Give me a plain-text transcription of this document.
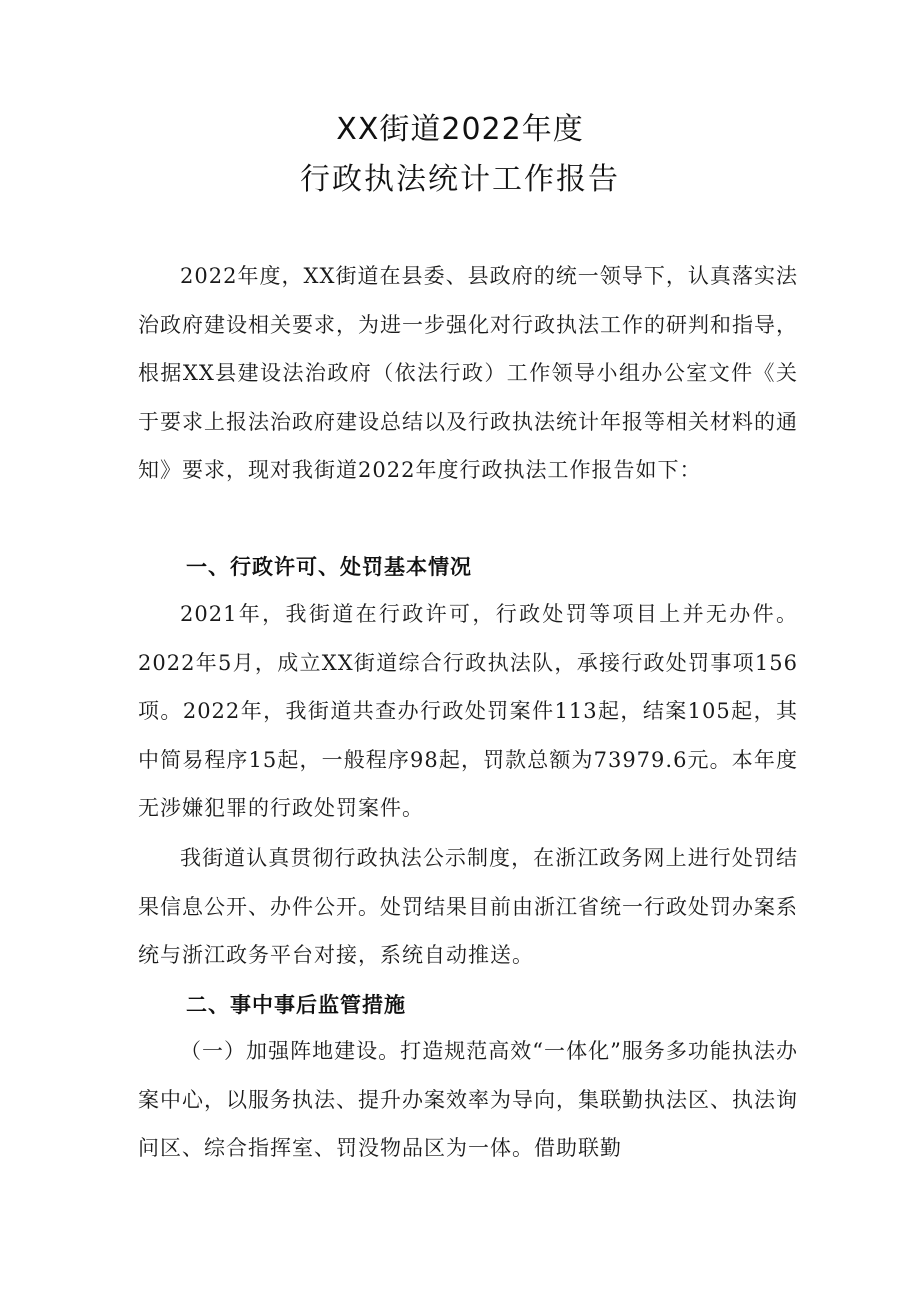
XX街道2022年度
行政执法统计工作报告

2022年度，XX街道在县委、县政府的统一领导下，认真落实法治政府建设相关要求，为进一步强化对行政执法工作的研判和指导，根据XX县建设法治政府（依法行政）工作领导小组办公室文件《关于要求上报法治政府建设总结以及行政执法统计年报等相关材料的通知》要求，现对我街道2022年度行政执法工作报告如下：

一、行政许可、处罚基本情况

2021年，我街道在行政许可，行政处罚等项目上并无办件。2022年5月，成立XX街道综合行政执法队，承接行政处罚事项156项。2022年，我街道共查办行政处罚案件113起，结案105起，其中简易程序15起，一般程序98起，罚款总额为73979.6元。本年度无涉嫌犯罪的行政处罚案件。

我街道认真贯彻行政执法公示制度，在浙江政务网上进行处罚结果信息公开、办件公开。处罚结果目前由浙江省统一行政处罚办案系统与浙江政务平台对接，系统自动推送。

二、事中事后监管措施

（一）加强阵地建设。打造规范高效“一体化”服务多功能执法办案中心，以服务执法、提升办案效率为导向，集联勤执法区、执法询问区、综合指挥室、罚没物品区为一体。借助联勤
